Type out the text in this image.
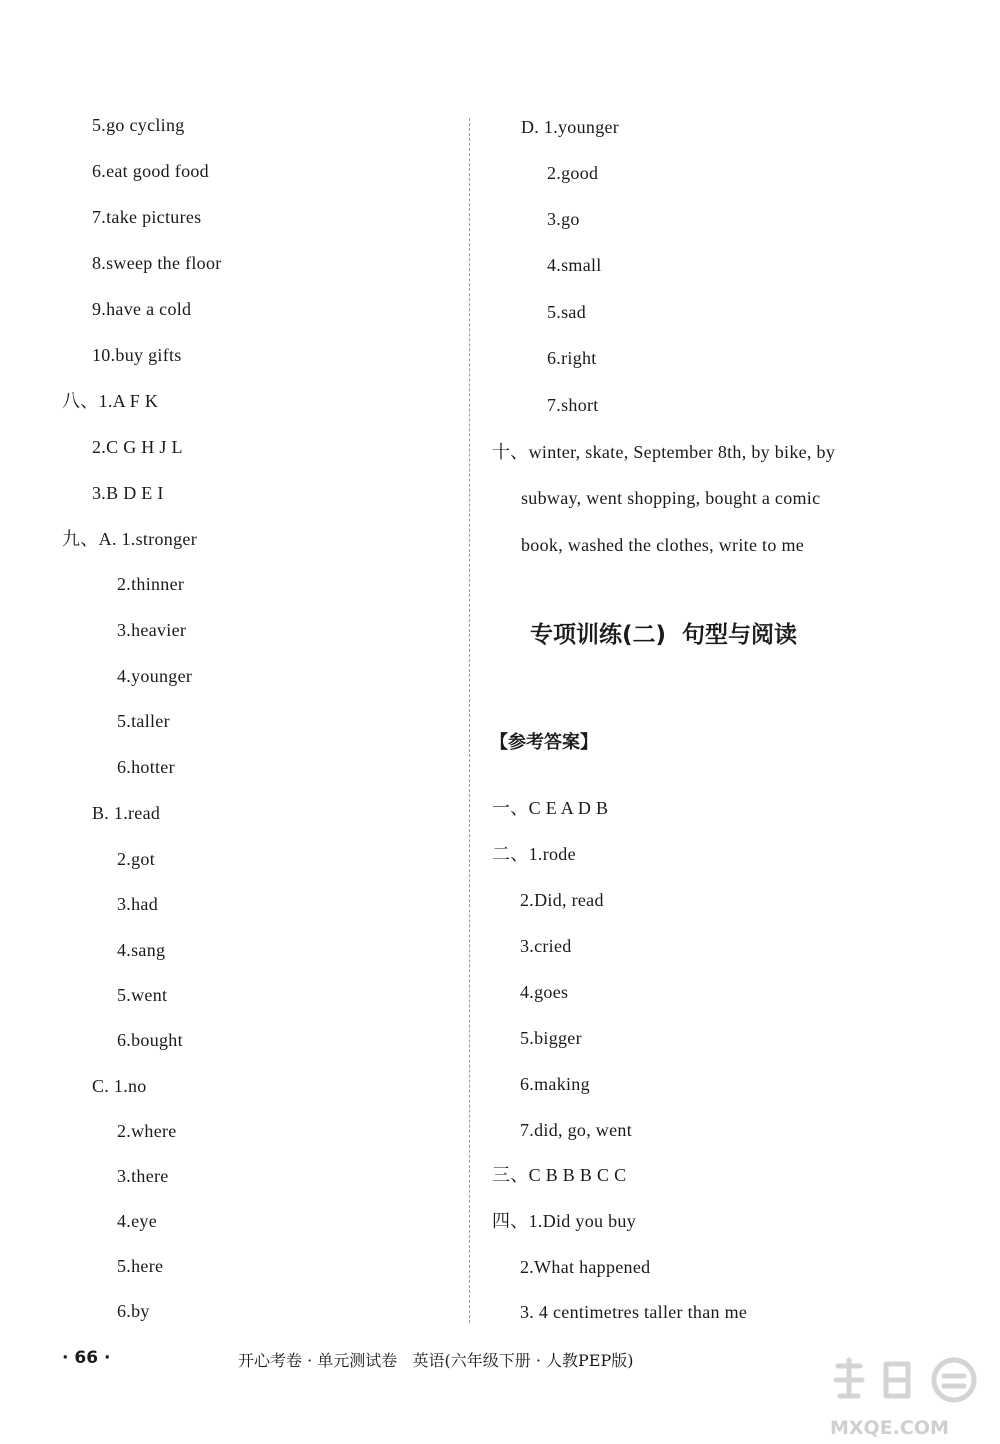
5.go cycling
6.eat good food
7.take pictures
8.sweep the floor
9.have a cold
10.buy gifts
八、1.A F K
2.C G H J L
3.B D E I
九、A. 1.stronger
2.thinner
3.heavier
4.younger
5.taller
6.hotter
B. 1.read
2.got
3.had
4.sang
5.went
6.bought
C. 1.no
2.where
3.there
4.eye
5.here
6.by
D. 1.younger
2.good
3.go
4.small
5.sad
6.right
7.short
十、winter, skate, September 8th, by bike, by
subway, went shopping, bought a comic
book, washed the clothes, write to me
专项训练(二)  句型与阅读
【参考答案】
一、C E A D B
二、1.rode
2.Did, read
3.cried
4.goes
5.bigger
6.making
7.did, go, went
三、C B B B C C
四、1.Did you buy
2.What happened
3. 4 centimetres taller than me
· 66 ·	开心考卷 · 单元测试卷   英语(六年级下册 · 人教PEP版)
MXQE.COM
